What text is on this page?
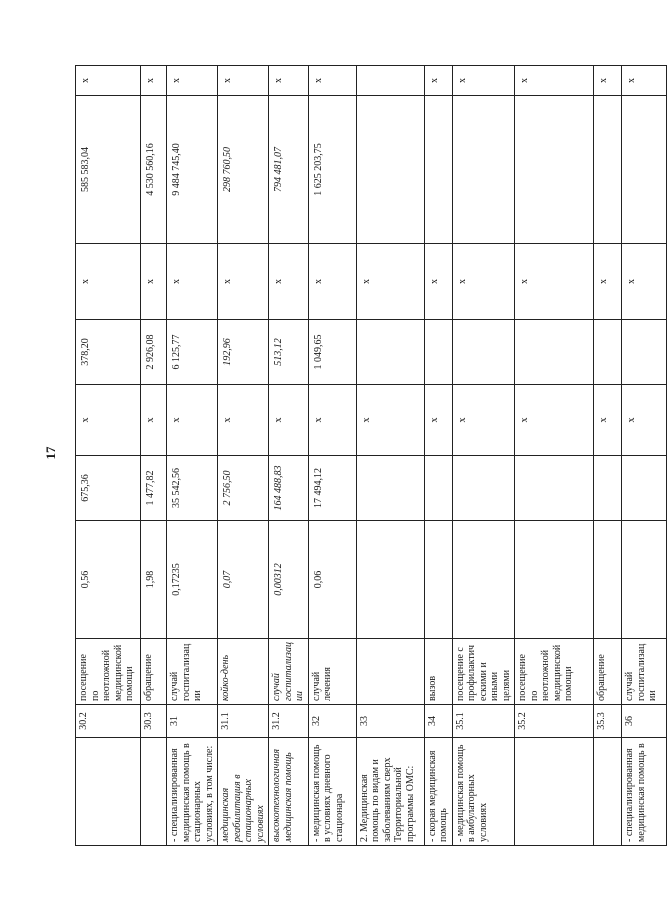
17
	30.2	посещение по неотложной медицинской помощи	0,56	675,36	х	378,20	х	585 583,04	х
	30.3	обращение	1,98	1 477,82	х	2 926,08	х	4 530 560,16	х
- специализированная медицинская помощь в стационарных условиях, в том числе:	31	случай госпитализации	0,17235	35 542,56	х	6 125,77	х	9 484 745,40	х
медицинская реабилитация в стационарных условиях	31.1	койко-день	0,07	2 756,50	х	192,96	х	298 760,50	х
высокотехнологичная медицинская помощь	31.2	случай госпитализации	0,00312	164 488,83	х	513,12	х	794 481,07	х
- медицинская помощь в условиях дневного стационара	32	случай лечения	0,06	17 494,12	х	1 049,65	х	1 625 203,75	х
2. Медицинская помощь по видам и заболеваниям сверх Территориальной программы ОМС:	33				х		х		
- скорая медицинская помощь	34	вызов			х		х		х
- медицинская помощь в амбулаторных условиях	35.1	посещение с профилактическими и иными целями			х		х		х
	35.2	посещение по неотложной медицинской помощи			х		х		х
	35.3	обращение			х		х		х
- специализированная медицинская помощь в	36	случай госпитализации			х		х		х
